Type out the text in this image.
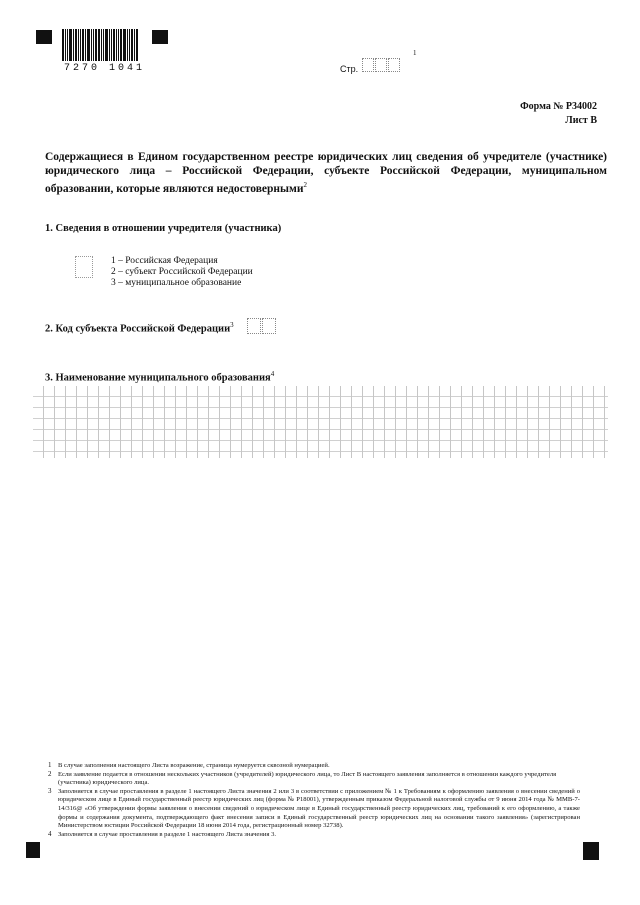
7270 1041	Стр.
1
Форма № Р34002
Лист В
Содержащиеся в Едином государственном реестре юридических лиц сведения об учредителе (участнике) юридического лица – Российской Федерации, субъекте Российской Федерации, муниципальном образовании, которые являются недостоверными$^2$
1. Сведения в отношении учредителя (участника)
1 – Российская Федерация
2 – субъект Российской Федерации
3 – муниципальное образование
2. Код субъекта Российской Федерации$^3$
3. Наименование муниципального образования$^4$

1 В случае заполнения настоящего Листа возражение, страница нумеруется сквозной нумерацией.

2 Если заявление подается в отношении нескольких участников (учредителей) юридического лица, то Лист В настоящего заявления заполняется в отношении каждого учредителя (участника) юридического лица.

3 Заполняется в случае проставления в разделе 1 настоящего Листа значения 2 или 3 в соответствии с приложением № 1 к Требованиям к оформлению заявления о внесении сведений о юридическом лице в Единый государственный реестр юридических лиц (форма № Р18001), утвержденным приказом Федеральной налоговой службы от 9 июня 2014 года № ММВ-7-14/316@ «Об утверждении формы заявления о внесении сведений о юридическом лице в Единый государственный реестр юридических лиц, требований к его оформлению, а также формы и содержания документа, подтверждающего факт внесения записи в Единый государственный реестр юридических лиц на основании такого заявления» (зарегистрирован Министерством юстиции Российской Федерации 18 июня 2014 года, регистрационный номер 32738).

4 Заполняется в случае проставления в разделе 1 настоящего Листа значения 3.
